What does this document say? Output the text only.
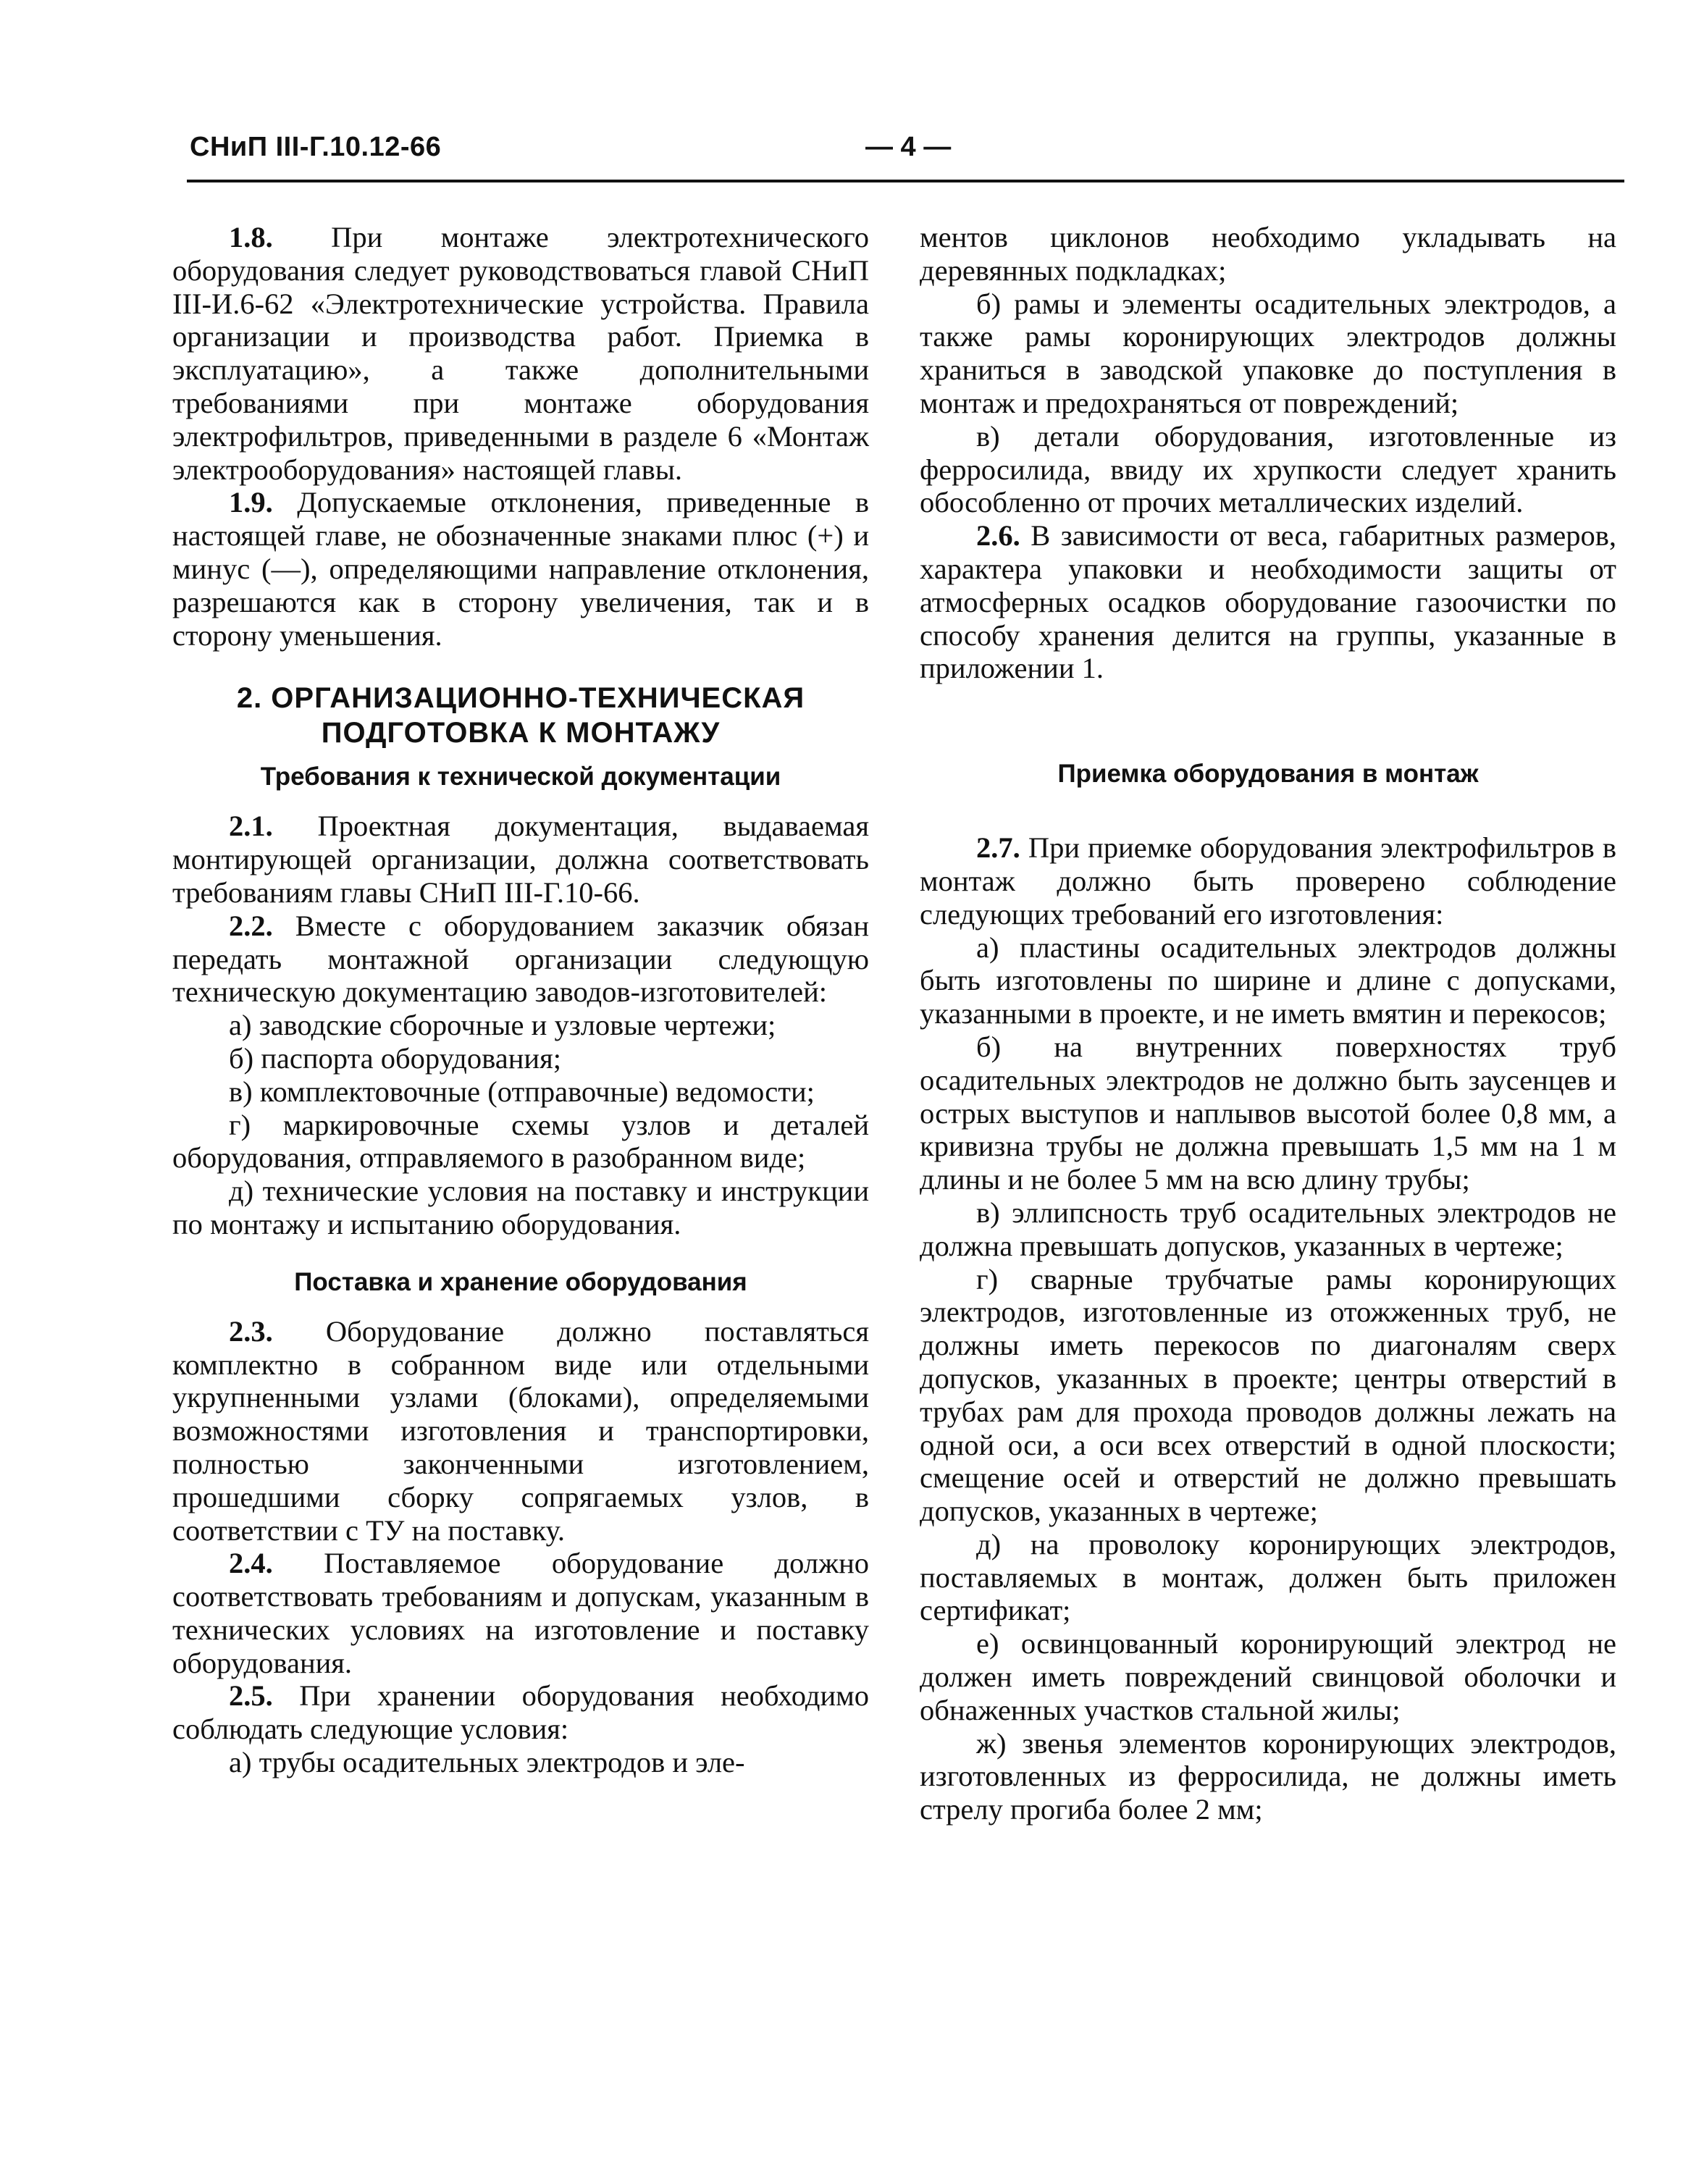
СНиП III-Г.10.12-66	— 4 —

1.8. При монтаже электротехнического оборудования следует руководствоваться главой СНиП III-И.6-62 «Электротехнические устройства. Правила организации и производства работ. Приемка в эксплуатацию», а также дополнительными требованиями при монтаже оборудования электрофильтров, приведенными в разделе 6 «Монтаж электрооборудования» настоящей главы.

1.9. Допускаемые отклонения, приведенные в настоящей главе, не обозначенные знаками плюс (+) и минус (—), определяющими направление отклонения, разрешаются как в сторону увеличения, так и в сторону уменьшения.

2. ОРГАНИЗАЦИОННО-ТЕХНИЧЕСКАЯ
ПОДГОТОВКА К МОНТАЖУ
Требования к технической документации

2.1. Проектная документация, выдаваемая монтирующей организации, должна соответствовать требованиям главы СНиП III-Г.10-66.

2.2. Вместе с оборудованием заказчик обязан передать монтажной организации следующую техническую документацию заводов-изготовителей:

а) заводские сборочные и узловые чертежи;

б) паспорта оборудования;

в) комплектовочные (отправочные) ведомости;

г) маркировочные схемы узлов и деталей оборудования, отправляемого в разобранном виде;

д) технические условия на поставку и инструкции по монтажу и испытанию оборудования.

Поставка и хранение оборудования

2.3. Оборудование должно поставляться комплектно в собранном виде или отдельными укрупненными узлами (блоками), определяемыми возможностями изготовления и транспортировки, полностью законченными изготовлением, прошедшими сборку сопрягаемых узлов, в соответствии с ТУ на поставку.

2.4. Поставляемое оборудование должно соответствовать требованиям и допускам, указанным в технических условиях на изготовление и поставку оборудования.

2.5. При хранении оборудования необходимо соблюдать следующие условия:

а) трубы осадительных электродов и эле-

ментов циклонов необходимо укладывать на деревянных подкладках;

б) рамы и элементы осадительных электродов, а также рамы коронирующих электродов должны храниться в заводской упаковке до поступления в монтаж и предохраняться от повреждений;

в) детали оборудования, изготовленные из ферросилида, ввиду их хрупкости следует хранить обособленно от прочих металлических изделий.

2.6. В зависимости от веса, габаритных размеров, характера упаковки и необходимости защиты от атмосферных осадков оборудование газоочистки по способу хранения делится на группы, указанные в приложении 1.

Приемка оборудования в монтаж

2.7. При приемке оборудования электрофильтров в монтаж должно быть проверено соблюдение следующих требований его изготовления:

а) пластины осадительных электродов должны быть изготовлены по ширине и длине с допусками, указанными в проекте, и не иметь вмятин и перекосов;

б) на внутренних поверхностях труб осадительных электродов не должно быть заусенцев и острых выступов и наплывов высотой более 0,8 мм, а кривизна трубы не должна превышать 1,5 мм на 1 м длины и не более 5 мм на всю длину трубы;

в) эллипсность труб осадительных электродов не должна превышать допусков, указанных в чертеже;

г) сварные трубчатые рамы коронирующих электродов, изготовленные из отожженных труб, не должны иметь перекосов по диагоналям сверх допусков, указанных в проекте; центры отверстий в трубах рам для прохода проводов должны лежать на одной оси, а оси всех отверстий в одной плоскости; смещение осей и отверстий не должно превышать допусков, указанных в чертеже;

д) на проволоку коронирующих электродов, поставляемых в монтаж, должен быть приложен сертификат;

е) освинцованный коронирующий электрод не должен иметь повреждений свинцовой оболочки и обнаженных участков стальной жилы;

ж) звенья элементов коронирующих электродов, изготовленных из ферросилида, не должны иметь стрелу прогиба более 2 мм;
